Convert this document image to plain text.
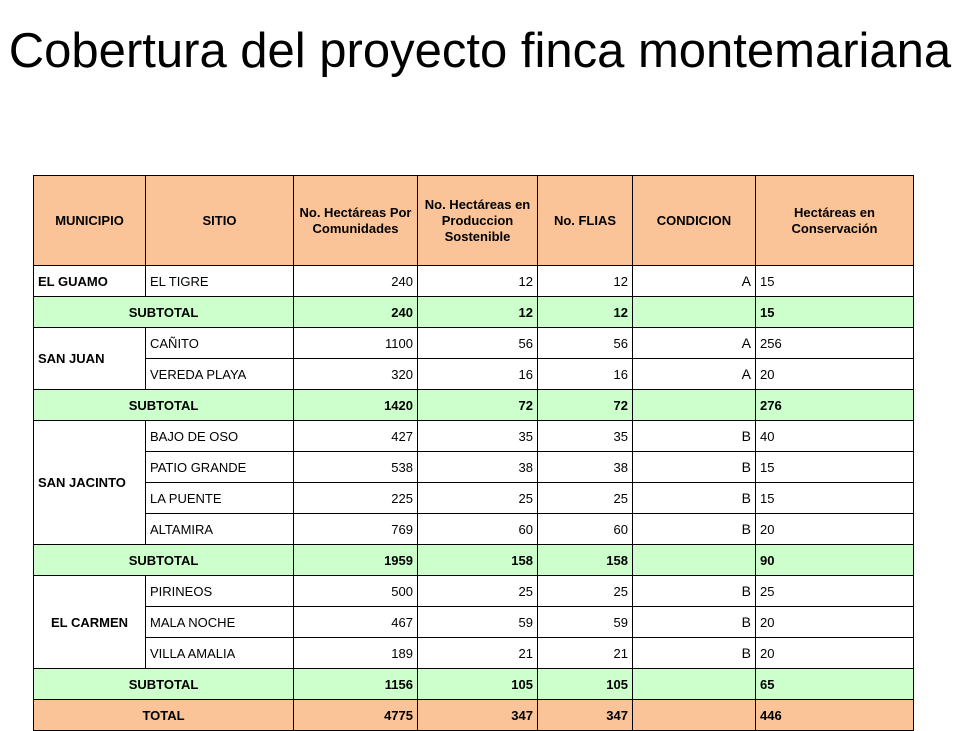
Cobertura del proyecto finca montemariana
MUNICIPIO	SITIO	No. Hectáreas Por Comunidades	No. Hectáreas en Produccion Sostenible	No. FLIAS	CONDICION	Hectáreas en Conservación
EL GUAMO	EL TIGRE	240	12	12	A	15
SUBTOTAL		240	12	12		15
SAN JUAN	CAÑITO	1100	56	56	A	256
	VEREDA PLAYA	320	16	16	A	20
SUBTOTAL		1420	72	72		276
SAN JACINTO	BAJO DE OSO	427	35	35	B	40
	PATIO GRANDE	538	38	38	B	15
	LA PUENTE	225	25	25	B	15
	ALTAMIRA	769	60	60	B	20
SUBTOTAL		1959	158	158		90
EL CARMEN	PIRINEOS	500	25	25	B	25
	MALA NOCHE	467	59	59	B	20
	VILLA AMALIA	189	21	21	B	20
SUBTOTAL		1156	105	105		65
TOTAL		4775	347	347		446
